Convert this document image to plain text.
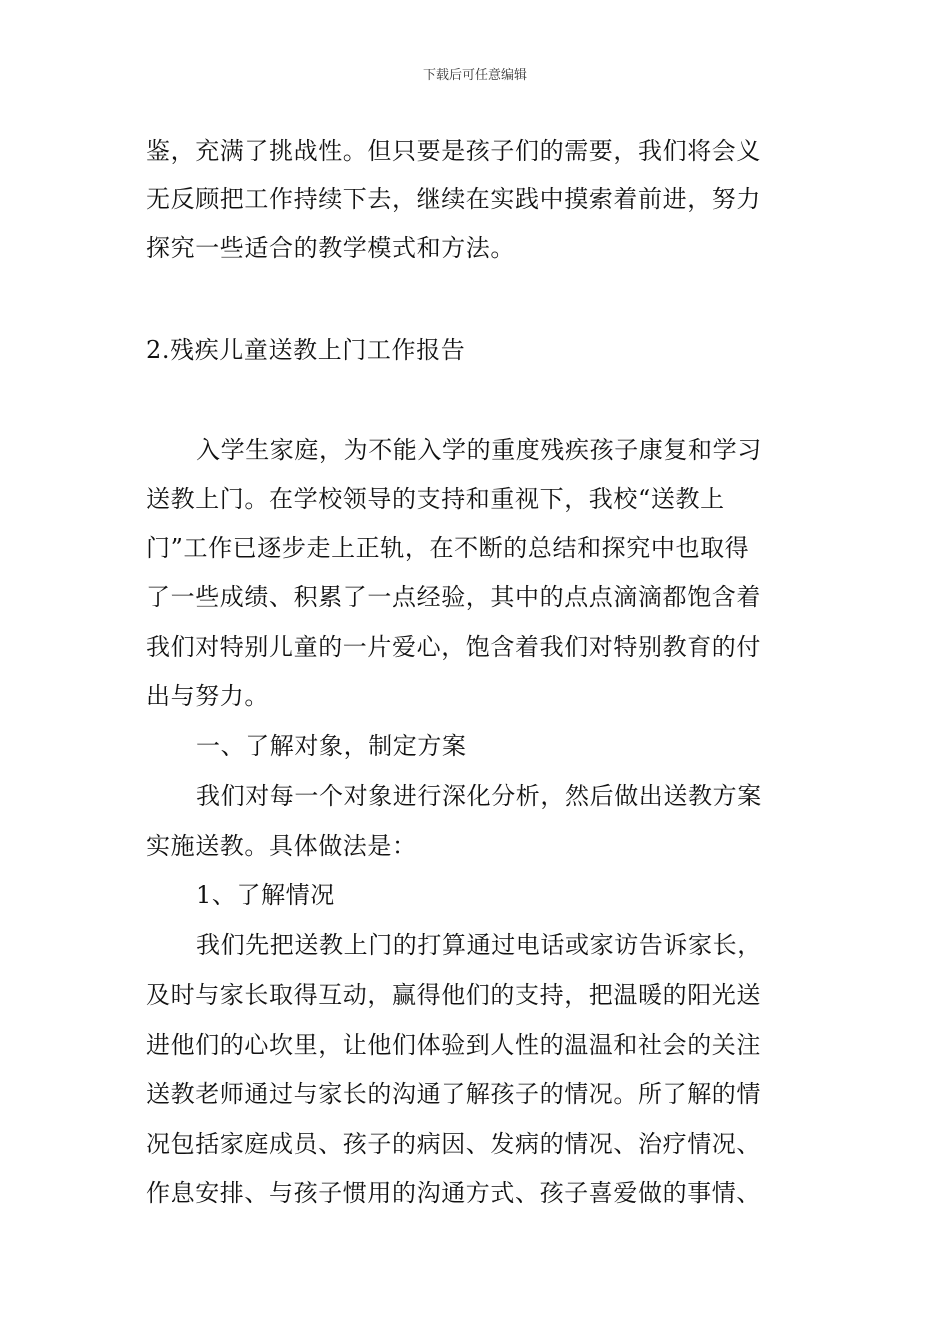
下载后可任意编辑
鉴，充满了挑战性。但只要是孩子们的需要，我们将会义
无反顾把工作持续下去，继续在实践中摸索着前进，努力
探究一些适合的教学模式和方法。
2.残疾儿童送教上门工作报告
入学生家庭，为不能入学的重度残疾孩子康复和学习
送教上门。在学校领导的支持和重视下，我校“送教上
门”工作已逐步走上正轨，在不断的总结和探究中也取得
了一些成绩、积累了一点经验，其中的点点滴滴都饱含着
我们对特别儿童的一片爱心，饱含着我们对特别教育的付
出与努力。
一、了解对象，制定方案
我们对每一个对象进行深化分析，然后做出送教方案
实施送教。具体做法是：
1、了解情况
我们先把送教上门的打算通过电话或家访告诉家长，
及时与家长取得互动，赢得他们的支持，把温暖的阳光送
进他们的心坎里，让他们体验到人性的温温和社会的关注
送教老师通过与家长的沟通了解孩子的情况。所了解的情
况包括家庭成员、孩子的病因、发病的情况、治疗情况、
作息安排、与孩子惯用的沟通方式、孩子喜爱做的事情、
